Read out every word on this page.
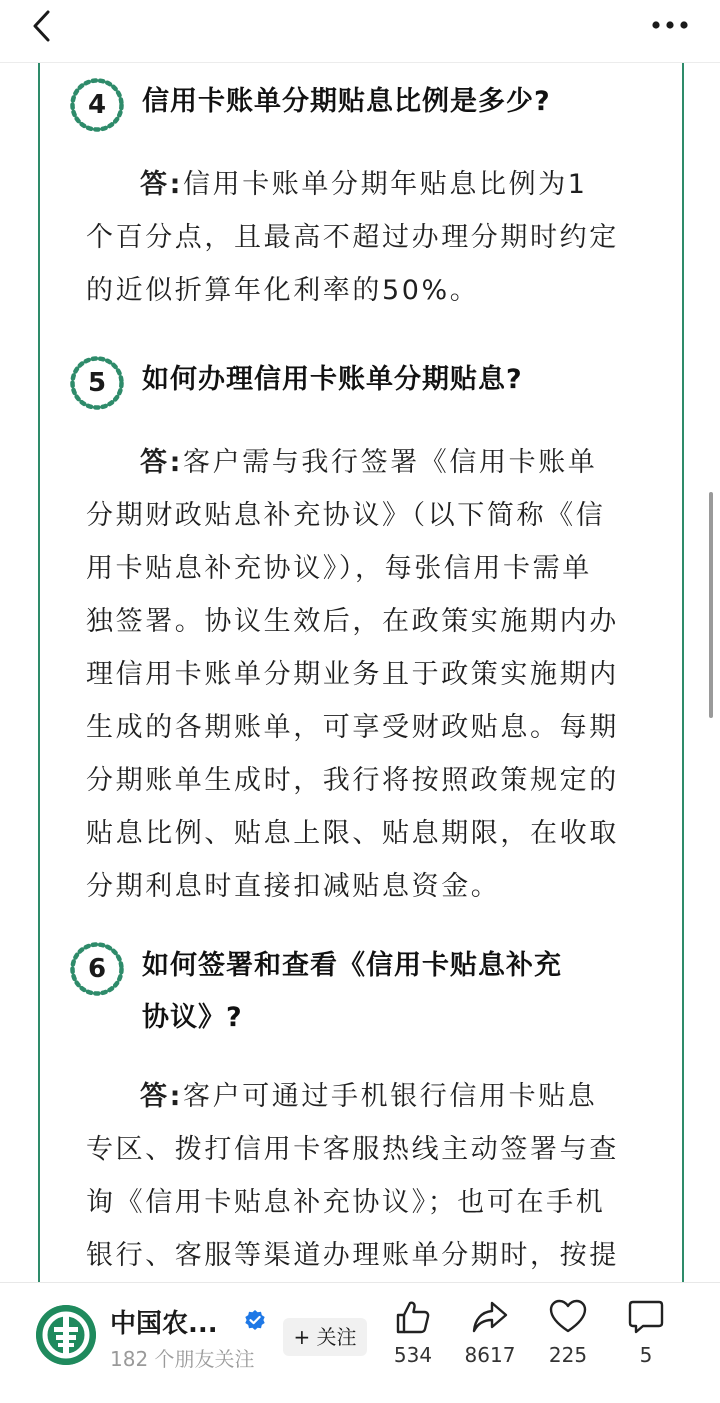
4	信用卡账单分期贴息比例是多少?
答:信用卡账单分期年贴息比例为1
个百分点，且最高不超过办理分期时约定
的近似折算年化利率的50%。
5	如何办理信用卡账单分期贴息?
答:客户需与我行签署《信用卡账单
分期财政贴息补充协议》（以下简称《信
用卡贴息补充协议》），每张信用卡需单
独签署。协议生效后，在政策实施期内办
理信用卡账单分期业务且于政策实施期内
生成的各期账单，可享受财政贴息。每期
分期账单生成时，我行将按照政策规定的
贴息比例、贴息上限、贴息期限，在收取
分期利息时直接扣减贴息资金。
6	如何签署和查看《信用卡贴息补充
协议》?
答:客户可通过手机银行信用卡贴息
专区、拨打信用卡客服热线主动签署与查
询《信用卡贴息补充协议》；也可在手机
银行、客服等渠道办理账单分期时，按提
中国农...
182 个朋友关注
+ 关注
534	8617	225	5
